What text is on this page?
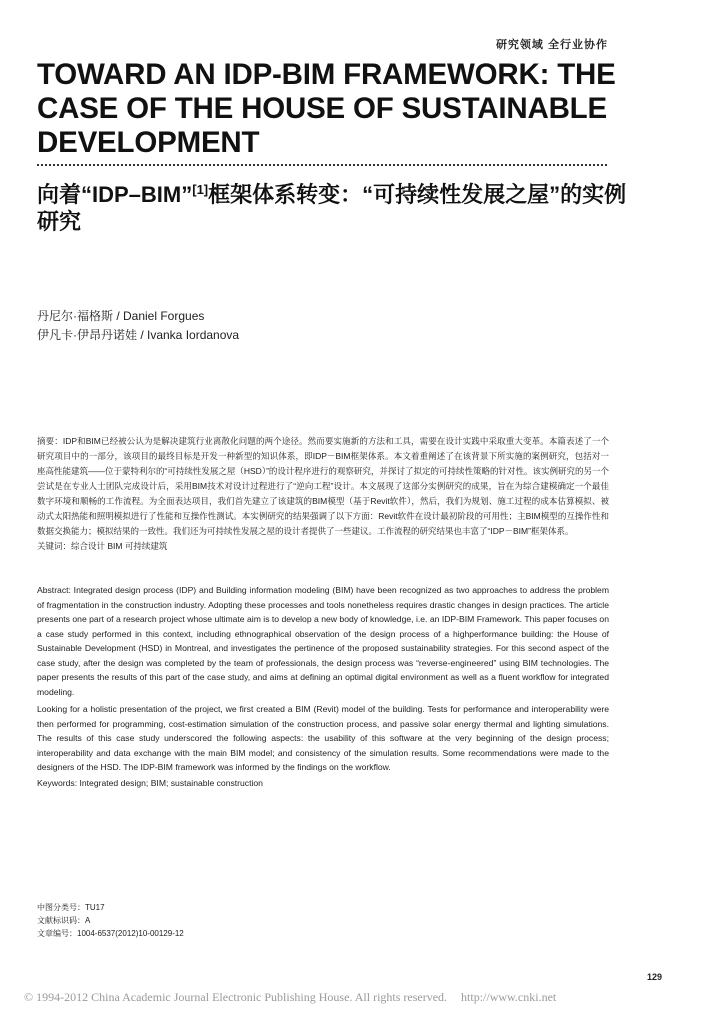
研究领域 全行业协作
TOWARD AN IDP-BIM FRAMEWORK: THE CASE OF THE HOUSE OF SUSTAINABLE DEVELOPMENT
向着“IDP–BIM”[1]框架体系转变：“可持续性发展之屋”的实例研究
丹尼尔·福格斯 / Daniel Forgues
伊凡卡·伊昂丹诺娃 / Ivanka Iordanova

摘要：IDP和BIM已经被公认为是解决建筑行业离散化问题的两个途径。然而要实施新的方法和工具，需要在设计实践中采取重大变革。本篇表述了一个研究项目中的一部分，该项目的最终目标是开发一种新型的知识体系，即IDP－BIM框架体系。本文着重阐述了在该背景下所实施的案例研究，包括对一座高性能建筑——位于蒙特利尔的“可持续性发展之屋（HSD）”的设计程序进行的观察研究，并探讨了拟定的可持续性策略的针对性。该实例研究的另一个尝试是在专业人士团队完成设计后，采用BIM技术对设计过程进行了“逆向工程”设计。本文展现了这部分实例研究的成果，旨在为综合建模确定一个最佳数字环境和顺畅的工作流程。为全面表达项目，我们首先建立了该建筑的BIM模型（基于Revit软件），然后，我们为规划、施工过程的成本估算模拟、被动式太阳热能和照明模拟进行了性能和互操作性测试。本实例研究的结果强调了以下方面：Revit软件在设计最初阶段的可用性；主BIM模型的互操作性和数据交换能力；模拟结果的一致性。我们还为可持续性发展之屋的设计者提供了一些建议。工作流程的研究结果也丰富了“IDP－BIM”框架体系。

关键词：综合设计 BIM 可持续建筑

Abstract: Integrated design process (IDP) and Building information modeling (BIM) have been recognized as two approaches to address the problem of fragmentation in the construction industry. Adopting these processes and tools nonetheless requires drastic changes in design practices. The article presents one part of a research project whose ultimate aim is to develop a new body of knowledge, i.e. an IDP-BIM Framework. This paper focuses on a case study performed in this context, including ethnographical observation of the design process of a highperformance building: the House of Sustainable Development (HSD) in Montreal, and investigates the pertinence of the proposed sustainability strategies. For this second aspect of the case study, after the design was completed by the team of professionals, the design process was “reverse-engineered” using BIM technologies. The paper presents the results of this part of the case study, and aims at defining an optimal digital environment as well as a fluent workflow for integrated modeling.

Looking for a holistic presentation of the project, we first created a BIM (Revit) model of the building. Tests for performance and interoperability were then performed for programming, cost-estimation simulation of the construction process, and passive solar energy thermal and lighting simulations. The results of this case study underscored the following aspects: the usability of this software at the very beginning of the design process; interoperability and data exchange with the main BIM model; and consistency of the simulation results. Some recommendations were made to the designers of the HSD. The IDP-BIM framework was informed by the findings on the workflow.

Keywords: Integrated design; BIM; sustainable construction
中图分类号：TU17
文献标识码：A
文章编号：1004-6537(2012)10-00129-12
129
© 1994-2012 China Academic Journal Electronic Publishing House. All rights reserved. http://www.cnki.net
